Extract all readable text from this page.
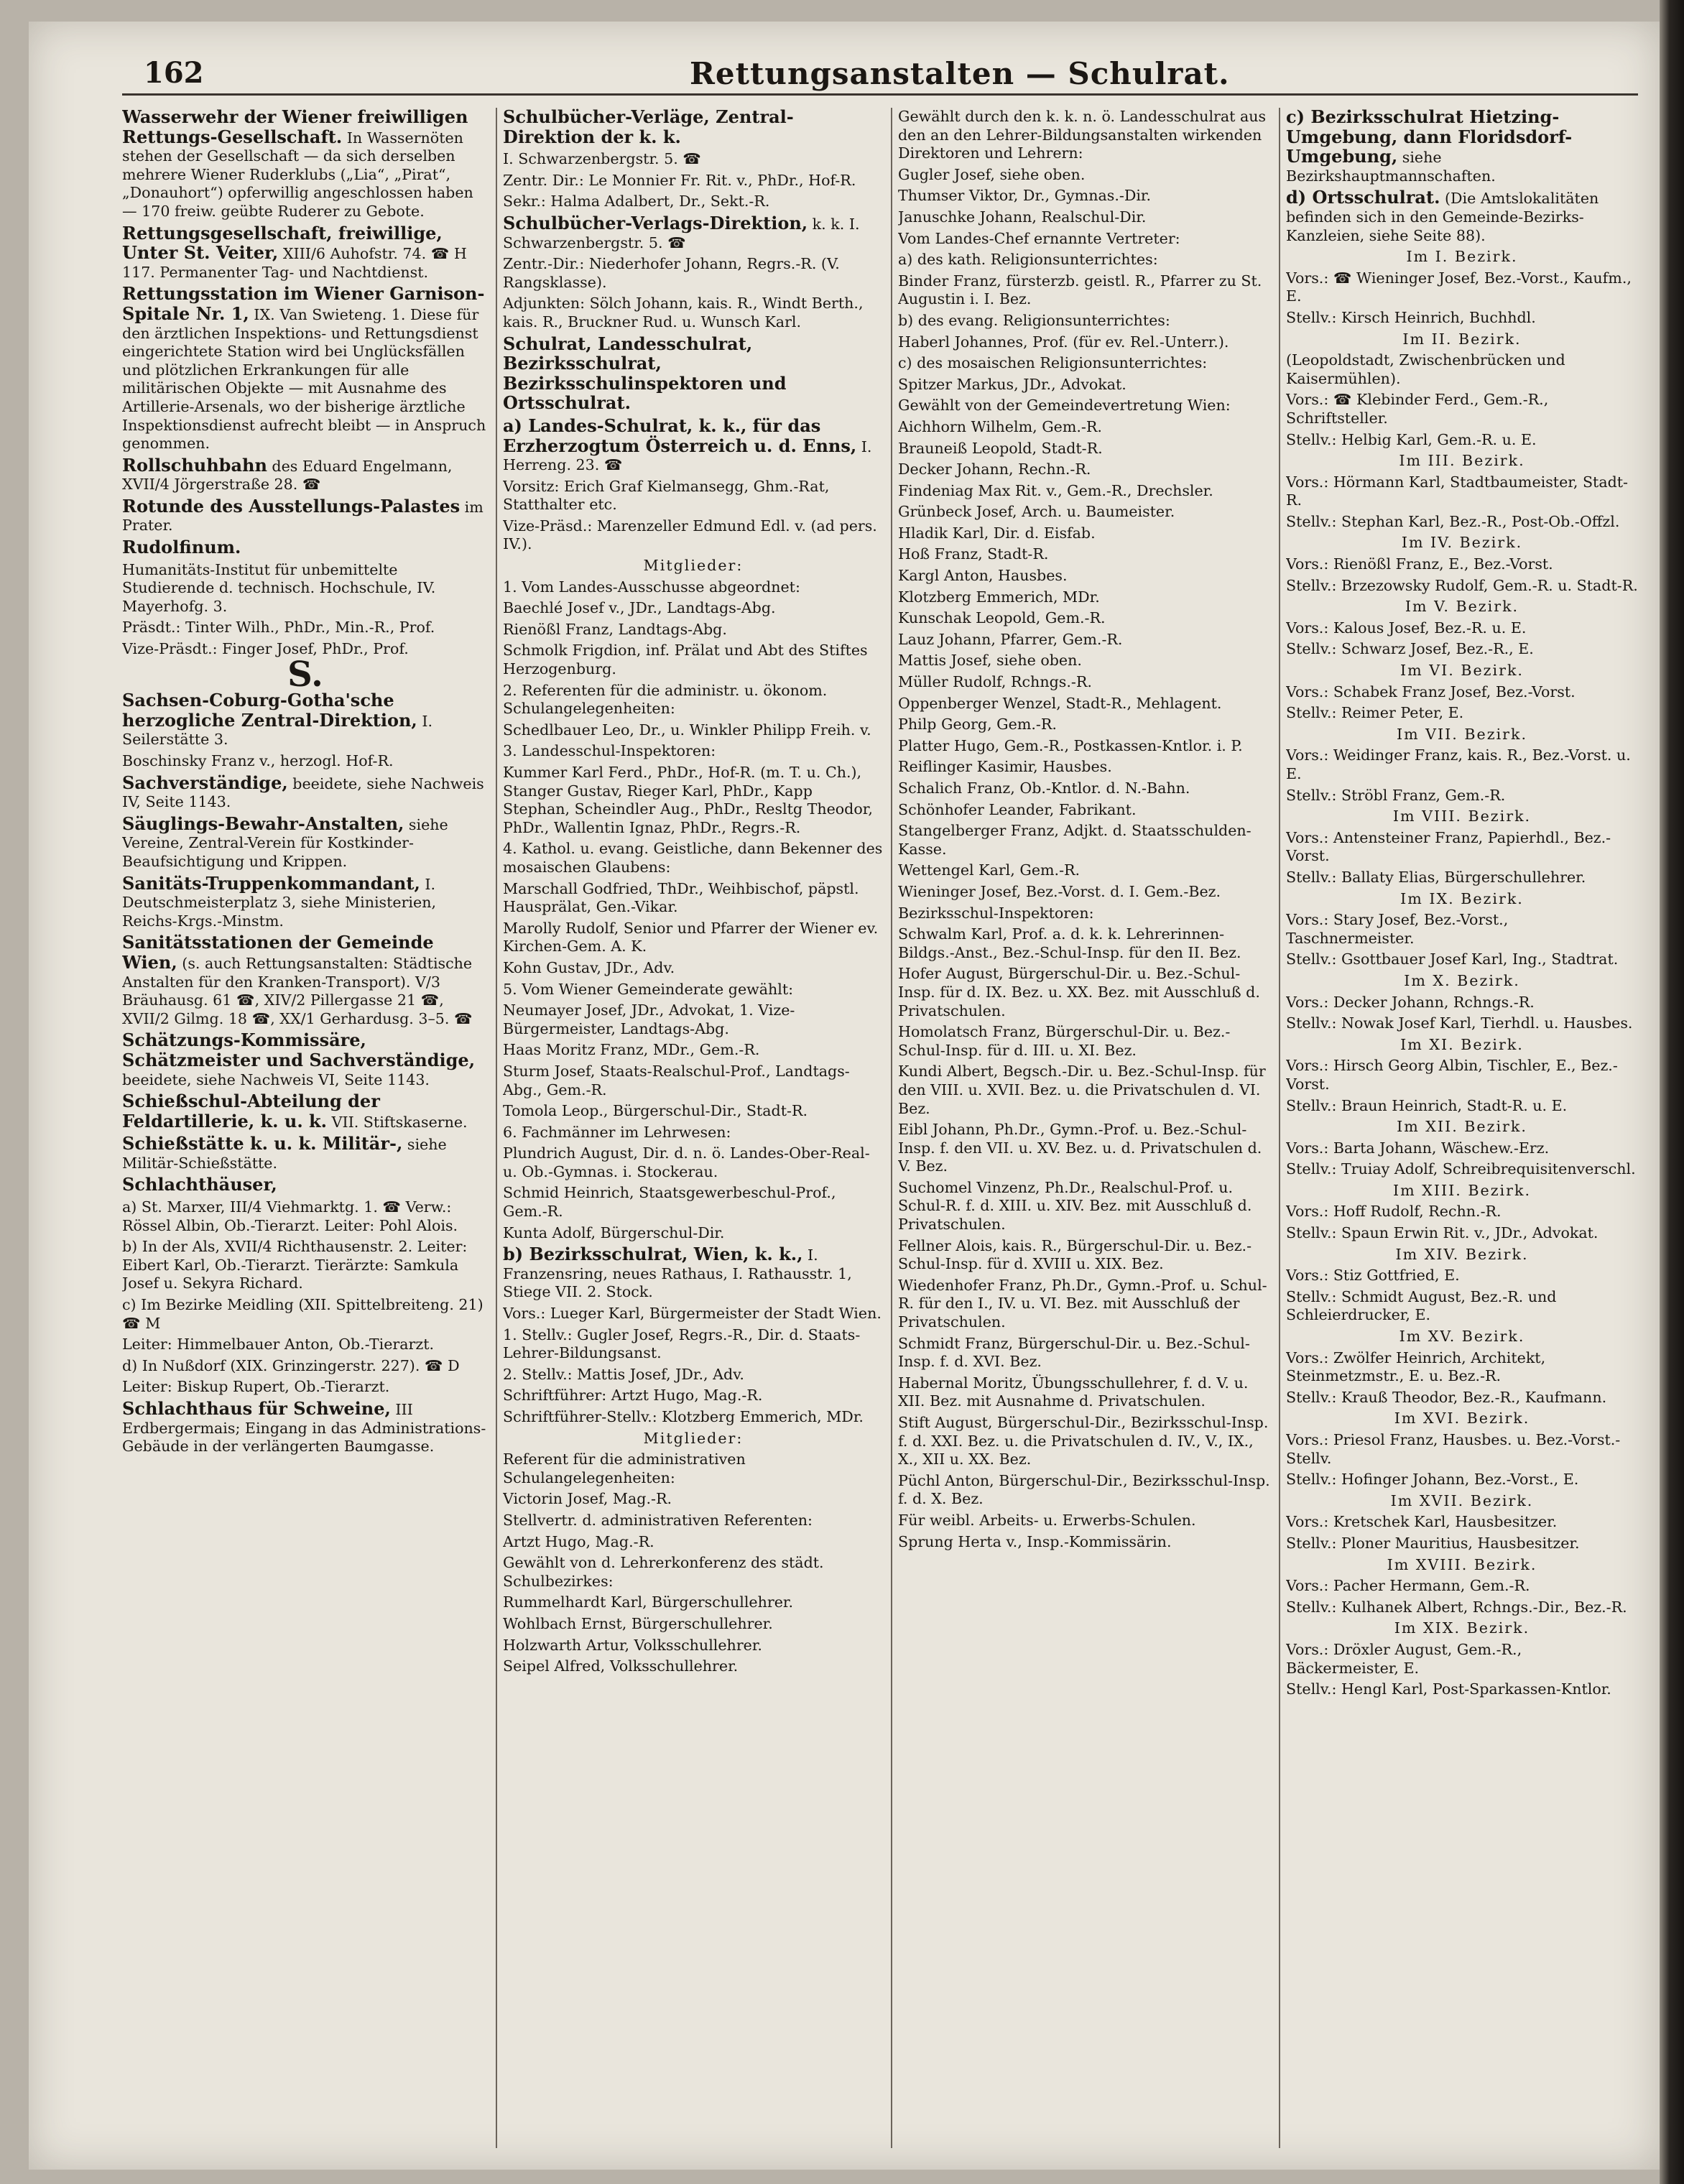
162	Rettungsanstalten — Schulrat.

Wasserwehr der Wiener freiwilligen Rettungs-Gesellschaft. In Wassernöten stehen der Gesellschaft — da sich derselben mehrere Wiener Ruderklubs („Lia“, „Pirat“, „Donauhort“) opferwillig angeschlossen haben — 170 freiw. geübte Ruderer zu Gebote.

Rettungsgesellschaft, freiwillige, Unter St. Veiter, XIII/6 Auhofstr. 74. ☎ H 117. Permanenter Tag- und Nachtdienst.

Rettungsstation im Wiener Garnison-Spitale Nr. 1, IX. Van Swieteng. 1. Diese für den ärztlichen Inspektions- und Rettungsdienst eingerichtete Station wird bei Unglücksfällen und plötzlichen Erkrankungen für alle militärischen Objekte — mit Ausnahme des Artillerie-Arsenals, wo der bisherige ärztliche Inspektionsdienst aufrecht bleibt — in Anspruch genommen.

Rollschuhbahn des Eduard Engelmann, XVII/4 Jörgerstraße 28. ☎

Rotunde des Ausstellungs-Palastes im Prater.

Rudolfinum.

Humanitäts-Institut für unbemittelte Studierende d. technisch. Hochschule, IV. Mayerhofg. 3.

Präsdt.: Tinter Wilh., PhDr., Min.-R., Prof.

Vize-Präsdt.: Finger Josef, PhDr., Prof.

S.

Sachsen-Coburg-Gotha'sche herzogliche Zentral-Direktion, I. Seilerstätte 3.

Boschinsky Franz v., herzogl. Hof-R.

Sachverständige, beeidete, siehe Nachweis IV, Seite 1143.

Säuglings-Bewahr-Anstalten, siehe Vereine, Zentral-Verein für Kostkinder-Beaufsichtigung und Krippen.

Sanitäts-Truppenkommandant, I. Deutschmeisterplatz 3, siehe Ministerien, Reichs-Krgs.-Minstm.

Sanitätsstationen der Gemeinde Wien, (s. auch Rettungsanstalten: Städtische Anstalten für den Kranken-Transport). V/3 Bräuhausg. 61 ☎, XIV/2 Pillergasse 21 ☎, XVII/2 Gilmg. 18 ☎, XX/1 Gerhardusg. 3–5. ☎

Schätzungs-Kommissäre, Schätzmeister und Sachverständige, beeidete, siehe Nachweis VI, Seite 1143.

Schießschul-Abteilung der Feldartillerie, k. u. k. VII. Stiftskaserne.

Schießstätte k. u. k. Militär-, siehe Militär-Schießstätte.

Schlachthäuser,

a) St. Marxer, III/4 Viehmarktg. 1. ☎ Verw.: Rössel Albin, Ob.-Tierarzt. Leiter: Pohl Alois.

b) In der Als, XVII/4 Richthausenstr. 2. Leiter: Eibert Karl, Ob.-Tierarzt. Tierärzte: Samkula Josef u. Sekyra Richard.

c) Im Bezirke Meidling (XII. Spittelbreiteng. 21) ☎ M

Leiter: Himmelbauer Anton, Ob.-Tierarzt.

d) In Nußdorf (XIX. Grinzingerstr. 227). ☎ D

Leiter: Biskup Rupert, Ob.-Tierarzt.

Schlachthaus für Schweine, III Erdbergermais; Eingang in das Administrations-Gebäude in der verlängerten Baumgasse.

Schulbücher-Verläge, Zentral-Direktion der k. k.

I. Schwarzenbergstr. 5. ☎

Zentr. Dir.: Le Monnier Fr. Rit. v., PhDr., Hof-R.

Sekr.: Halma Adalbert, Dr., Sekt.-R.

Schulbücher-Verlags-Direktion, k. k. I. Schwarzenbergstr. 5. ☎

Zentr.-Dir.: Niederhofer Johann, Regrs.-R. (V. Rangsklasse).

Adjunkten: Sölch Johann, kais. R., Windt Berth., kais. R., Bruckner Rud. u. Wunsch Karl.

Schulrat, Landesschulrat, Bezirksschulrat, Bezirksschulinspektoren und Ortsschulrat.

a) Landes-Schulrat, k. k., für das Erzherzogtum Österreich u. d. Enns, I. Herreng. 23. ☎

Vorsitz: Erich Graf Kielmansegg, Ghm.-Rat, Statthalter etc.

Vize-Präsd.: Marenzeller Edmund Edl. v. (ad pers. IV.).

Mitglieder:

1. Vom Landes-Ausschusse abgeordnet:

Baechlé Josef v., JDr., Landtags-Abg.

Rienößl Franz, Landtags-Abg.

Schmolk Frigdion, inf. Prälat und Abt des Stiftes Herzogenburg.

2. Referenten für die administr. u. ökonom. Schulangelegenheiten:

Schedlbauer Leo, Dr., u. Winkler Philipp Freih. v.

3. Landesschul-Inspektoren:

Kummer Karl Ferd., PhDr., Hof-R. (m. T. u. Ch.), Stanger Gustav, Rieger Karl, PhDr., Kapp Stephan, Scheindler Aug., PhDr., Resltg Theodor, PhDr., Wallentin Ignaz, PhDr., Regrs.-R.

4. Kathol. u. evang. Geistliche, dann Bekenner des mosaischen Glaubens:

Marschall Godfried, ThDr., Weihbischof, päpstl. Hausprälat, Gen.-Vikar.

Marolly Rudolf, Senior und Pfarrer der Wiener ev. Kirchen-Gem. A. K.

Kohn Gustav, JDr., Adv.

5. Vom Wiener Gemeinderate gewählt:

Neumayer Josef, JDr., Advokat, 1. Vize-Bürgermeister, Landtags-Abg.

Haas Moritz Franz, MDr., Gem.-R.

Sturm Josef, Staats-Realschul-Prof., Landtags-Abg., Gem.-R.

Tomola Leop., Bürgerschul-Dir., Stadt-R.

6. Fachmänner im Lehrwesen:

Plundrich August, Dir. d. n. ö. Landes-Ober-Real- u. Ob.-Gymnas. i. Stockerau.

Schmid Heinrich, Staatsgewerbeschul-Prof., Gem.-R.

Kunta Adolf, Bürgerschul-Dir.

b) Bezirksschulrat, Wien, k. k., I. Franzensring, neues Rathaus, I. Rathausstr. 1, Stiege VII. 2. Stock.

Vors.: Lueger Karl, Bürgermeister der Stadt Wien.

1. Stellv.: Gugler Josef, Regrs.-R., Dir. d. Staats-Lehrer-Bildungsanst.

2. Stellv.: Mattis Josef, JDr., Adv.

Schriftführer: Artzt Hugo, Mag.-R.

Schriftführer-Stellv.: Klotzberg Emmerich, MDr.

Mitglieder:

Referent für die administrativen Schulangelegenheiten:

Victorin Josef, Mag.-R.

Stellvertr. d. administrativen Referenten:

Artzt Hugo, Mag.-R.

Gewählt von d. Lehrerkonferenz des städt. Schulbezirkes:

Rummelhardt Karl, Bürgerschullehrer.

Wohlbach Ernst, Bürgerschullehrer.

Holzwarth Artur, Volksschullehrer.

Seipel Alfred, Volksschullehrer.

Gewählt durch den k. k. n. ö. Landesschulrat aus den an den Lehrer-Bildungsanstalten wirkenden Direktoren und Lehrern:

Gugler Josef, siehe oben.

Thumser Viktor, Dr., Gymnas.-Dir.

Januschke Johann, Realschul-Dir.

Vom Landes-Chef ernannte Vertreter:

a) des kath. Religionsunterrichtes:

Binder Franz, fürsterzb. geistl. R., Pfarrer zu St. Augustin i. I. Bez.

b) des evang. Religionsunterrichtes:

Haberl Johannes, Prof. (für ev. Rel.-Unterr.).

c) des mosaischen Religionsunterrichtes:

Spitzer Markus, JDr., Advokat.

Gewählt von der Gemeindevertretung Wien:

Aichhorn Wilhelm, Gem.-R.

Brauneiß Leopold, Stadt-R.

Decker Johann, Rechn.-R.

Findeniag Max Rit. v., Gem.-R., Drechsler.

Grünbeck Josef, Arch. u. Baumeister.

Hladik Karl, Dir. d. Eisfab.

Hoß Franz, Stadt-R.

Kargl Anton, Hausbes.

Klotzberg Emmerich, MDr.

Kunschak Leopold, Gem.-R.

Lauz Johann, Pfarrer, Gem.-R.

Mattis Josef, siehe oben.

Müller Rudolf, Rchngs.-R.

Oppenberger Wenzel, Stadt-R., Mehlagent.

Philp Georg, Gem.-R.

Platter Hugo, Gem.-R., Postkassen-Kntlor. i. P.

Reiflinger Kasimir, Hausbes.

Schalich Franz, Ob.-Kntlor. d. N.-Bahn.

Schönhofer Leander, Fabrikant.

Stangelberger Franz, Adjkt. d. Staatsschulden-Kasse.

Wettengel Karl, Gem.-R.

Wieninger Josef, Bez.-Vorst. d. I. Gem.-Bez.

Bezirksschul-Inspektoren:

Schwalm Karl, Prof. a. d. k. k. Lehrerinnen-Bildgs.-Anst., Bez.-Schul-Insp. für den II. Bez.

Hofer August, Bürgerschul-Dir. u. Bez.-Schul-Insp. für d. IX. Bez. u. XX. Bez. mit Ausschluß d. Privatschulen.

Homolatsch Franz, Bürgerschul-Dir. u. Bez.-Schul-Insp. für d. III. u. XI. Bez.

Kundi Albert, Begsch.-Dir. u. Bez.-Schul-Insp. für den VIII. u. XVII. Bez. u. die Privatschulen d. VI. Bez.

Eibl Johann, Ph.Dr., Gymn.-Prof. u. Bez.-Schul-Insp. f. den VII. u. XV. Bez. u. d. Privatschulen d. V. Bez.

Suchomel Vinzenz, Ph.Dr., Realschul-Prof. u. Schul-R. f. d. XIII. u. XIV. Bez. mit Ausschluß d. Privatschulen.

Fellner Alois, kais. R., Bürgerschul-Dir. u. Bez.-Schul-Insp. für d. XVIII u. XIX. Bez.

Wiedenhofer Franz, Ph.Dr., Gymn.-Prof. u. Schul-R. für den I., IV. u. VI. Bez. mit Ausschluß der Privatschulen.

Schmidt Franz, Bürgerschul-Dir. u. Bez.-Schul-Insp. f. d. XVI. Bez.

Habernal Moritz, Übungsschullehrer, f. d. V. u. XII. Bez. mit Ausnahme d. Privatschulen.

Stift August, Bürgerschul-Dir., Bezirksschul-Insp. f. d. XXI. Bez. u. die Privatschulen d. IV., V., IX., X., XII u. XX. Bez.

Püchl Anton, Bürgerschul-Dir., Bezirksschul-Insp. f. d. X. Bez.

Für weibl. Arbeits- u. Erwerbs-Schulen.

Sprung Herta v., Insp.-Kommissärin.

c) Bezirksschulrat Hietzing-Umgebung, dann Floridsdorf-Umgebung, siehe Bezirkshauptmannschaften.

d) Ortsschulrat. (Die Amtslokalitäten befinden sich in den Gemeinde-Bezirks-Kanzleien, siehe Seite 88).

Im I. Bezirk.

Vors.: ☎ Wieninger Josef, Bez.-Vorst., Kaufm., E.

Stellv.: Kirsch Heinrich, Buchhdl.

Im II. Bezirk.

(Leopoldstadt, Zwischenbrücken und Kaisermühlen).

Vors.: ☎ Klebinder Ferd., Gem.-R., Schriftsteller.

Stellv.: Helbig Karl, Gem.-R. u. E.

Im III. Bezirk.

Vors.: Hörmann Karl, Stadtbaumeister, Stadt-R.

Stellv.: Stephan Karl, Bez.-R., Post-Ob.-Offzl.

Im IV. Bezirk.

Vors.: Rienößl Franz, E., Bez.-Vorst.

Stellv.: Brzezowsky Rudolf, Gem.-R. u. Stadt-R.

Im V. Bezirk.

Vors.: Kalous Josef, Bez.-R. u. E.

Stellv.: Schwarz Josef, Bez.-R., E.

Im VI. Bezirk.

Vors.: Schabek Franz Josef, Bez.-Vorst.

Stellv.: Reimer Peter, E.

Im VII. Bezirk.

Vors.: Weidinger Franz, kais. R., Bez.-Vorst. u. E.

Stellv.: Ströbl Franz, Gem.-R.

Im VIII. Bezirk.

Vors.: Antensteiner Franz, Papierhdl., Bez.-Vorst.

Stellv.: Ballaty Elias, Bürgerschullehrer.

Im IX. Bezirk.

Vors.: Stary Josef, Bez.-Vorst., Taschnermeister.

Stellv.: Gsottbauer Josef Karl, Ing., Stadtrat.

Im X. Bezirk.

Vors.: Decker Johann, Rchngs.-R.

Stellv.: Nowak Josef Karl, Tierhdl. u. Hausbes.

Im XI. Bezirk.

Vors.: Hirsch Georg Albin, Tischler, E., Bez.-Vorst.

Stellv.: Braun Heinrich, Stadt-R. u. E.

Im XII. Bezirk.

Vors.: Barta Johann, Wäschew.-Erz.

Stellv.: Truiay Adolf, Schreibrequisitenverschl.

Im XIII. Bezirk.

Vors.: Hoff Rudolf, Rechn.-R.

Stellv.: Spaun Erwin Rit. v., JDr., Advokat.

Im XIV. Bezirk.

Vors.: Stiz Gottfried, E.

Stellv.: Schmidt August, Bez.-R. und Schleierdrucker, E.

Im XV. Bezirk.

Vors.: Zwölfer Heinrich, Architekt, Steinmetzmstr., E. u. Bez.-R.

Stellv.: Krauß Theodor, Bez.-R., Kaufmann.

Im XVI. Bezirk.

Vors.: Priesol Franz, Hausbes. u. Bez.-Vorst.-Stellv.

Stellv.: Hofinger Johann, Bez.-Vorst., E.

Im XVII. Bezirk.

Vors.: Kretschek Karl, Hausbesitzer.

Stellv.: Ploner Mauritius, Hausbesitzer.

Im XVIII. Bezirk.

Vors.: Pacher Hermann, Gem.-R.

Stellv.: Kulhanek Albert, Rchngs.-Dir., Bez.-R.

Im XIX. Bezirk.

Vors.: Dröxler August, Gem.-R., Bäckermeister, E.

Stellv.: Hengl Karl, Post-Sparkassen-Kntlor.
